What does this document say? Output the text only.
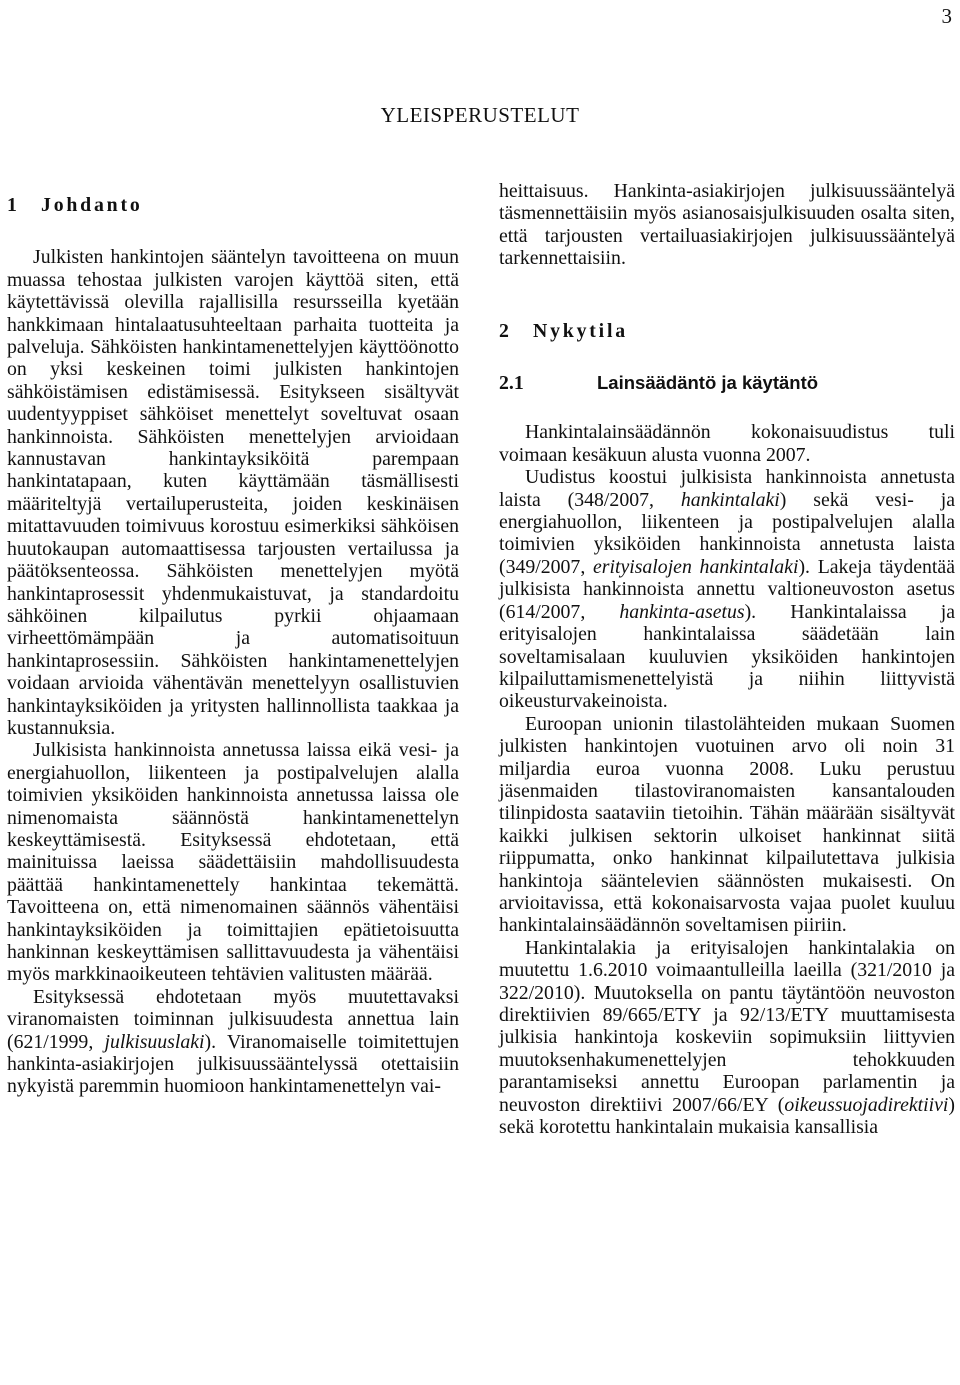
3
YLEISPERUSTELUT
1	Johdanto

Julkisten hankintojen sääntelyn tavoitteena on muun muassa tehostaa julkisten varojen käyttöä siten, että käytettävissä olevilla rajallisilla resursseilla kyetään hankkimaan hintalaatusuhteeltaan parhaita tuotteita ja palveluja. Sähköisten hankintamenettelyjen käyttöönotto on yksi keskeinen toimi julkisten hankintojen sähköistämisen edistämisessä. Esitykseen sisältyvät uudentyyppiset sähköiset menettelyt soveltuvat osaan hankinnoista. Sähköisten menettelyjen arvioidaan kannustavan hankintayksiköitä parempaan hankintatapaan, kuten käyttämään täsmällisesti määriteltyjä vertailuperusteita, joiden keskinäisen mitattavuuden toimivuus korostuu esimerkiksi sähköisen huutokaupan automaattisessa tarjousten vertailussa ja päätöksenteossa. Sähköisten menettelyjen myötä hankintaprosessit yhdenmukaistuvat, ja standardoitu sähköinen kilpailutus pyrkii ohjaamaan virheettömämpään ja automatisoituun hankintaprosessiin. Sähköisten hankintamenettelyjen voidaan arvioida vähentävän menettelyyn osallistuvien hankintayksiköiden ja yritysten hallinnollista taakkaa ja kustannuksia.

Julkisista hankinnoista annetussa laissa eikä vesi- ja energiahuollon, liikenteen ja postipalvelujen alalla toimivien yksiköiden hankinnoista annetussa laissa ole nimenomaista säännöstä hankintamenettelyn keskeyttämisestä. Esityksessä ehdotetaan, että mainituissa laeissa säädettäisiin mahdollisuudesta päättää hankintamenettely hankintaa tekemättä. Tavoitteena on, että nimenomainen säännös vähentäisi hankintayksiköiden ja toimittajien epätietoisuutta hankinnan keskeyttämisen sallittavuudesta ja vähentäisi myös markkinaoikeuteen tehtävien valitusten määrää.

Esityksessä ehdotetaan myös muutettavaksi viranomaisten toiminnan julkisuudesta annettua lain (621/1999, julkisuuslaki). Viranomaiselle toimitettujen hankinta-asiakirjojen julkisuussääntelyssä otettaisiin nykyistä paremmin huomioon hankintamenettelyn vai-

heittaisuus. Hankinta-asiakirjojen julkisuussääntelyä täsmennettäisiin myös asianosaisjulkisuuden osalta siten, että tarjousten vertailuasiakirjojen julkisuussääntelyä tarkennettaisiin.

2	Nykytila
2.1	Lainsäädäntö ja käytäntö

Hankintalainsäädännön kokonaisuudistus tuli voimaan kesäkuun alusta vuonna 2007.

Uudistus koostui julkisista hankinnoista annetusta laista (348/2007, hankintalaki) sekä vesi- ja energiahuollon, liikenteen ja postipalvelujen alalla toimivien yksiköiden hankinnoista annetusta laista (349/2007, erityisalojen hankintalaki). Lakeja täydentää julkisista hankinnoista annettu valtioneuvoston asetus (614/2007, hankinta-asetus). Hankintalaissa ja erityisalojen hankintalaissa säädetään lain soveltamisalaan kuuluvien yksiköiden hankintojen kilpailuttamismenettelyistä ja niihin liittyvistä oikeusturvakeinoista.

Euroopan unionin tilastolähteiden mukaan Suomen julkisten hankintojen vuotuinen arvo oli noin 31 miljardia euroa vuonna 2008. Luku perustuu jäsenmaiden tilastoviranomaisten kansantalouden tilinpidosta saataviin tietoihin. Tähän määrään sisältyvät kaikki julkisen sektorin ulkoiset hankinnat siitä riippumatta, onko hankinnat kilpailutettava julkisia hankintoja sääntelevien säännösten mukaisesti. On arvioitavissa, että kokonaisarvosta vajaa puolet kuuluu hankintalainsäädännön soveltamisen piiriin.

Hankintalakia ja erityisalojen hankintalakia on muutettu 1.6.2010 voimaantulleilla laeilla (321/2010 ja 322/2010). Muutoksella on pantu täytäntöön neuvoston direktiivien 89/665/ETY ja 92/13/ETY muuttamisesta julkisia hankintoja koskeviin sopimuksiin liittyvien muutoksenhakumenettelyjen tehokkuuden parantamiseksi annettu Euroopan parlamentin ja neuvoston direktiivi 2007/66/EY (oikeussuojadirektiivi) sekä korotettu hankintalain mukaisia kansallisia
